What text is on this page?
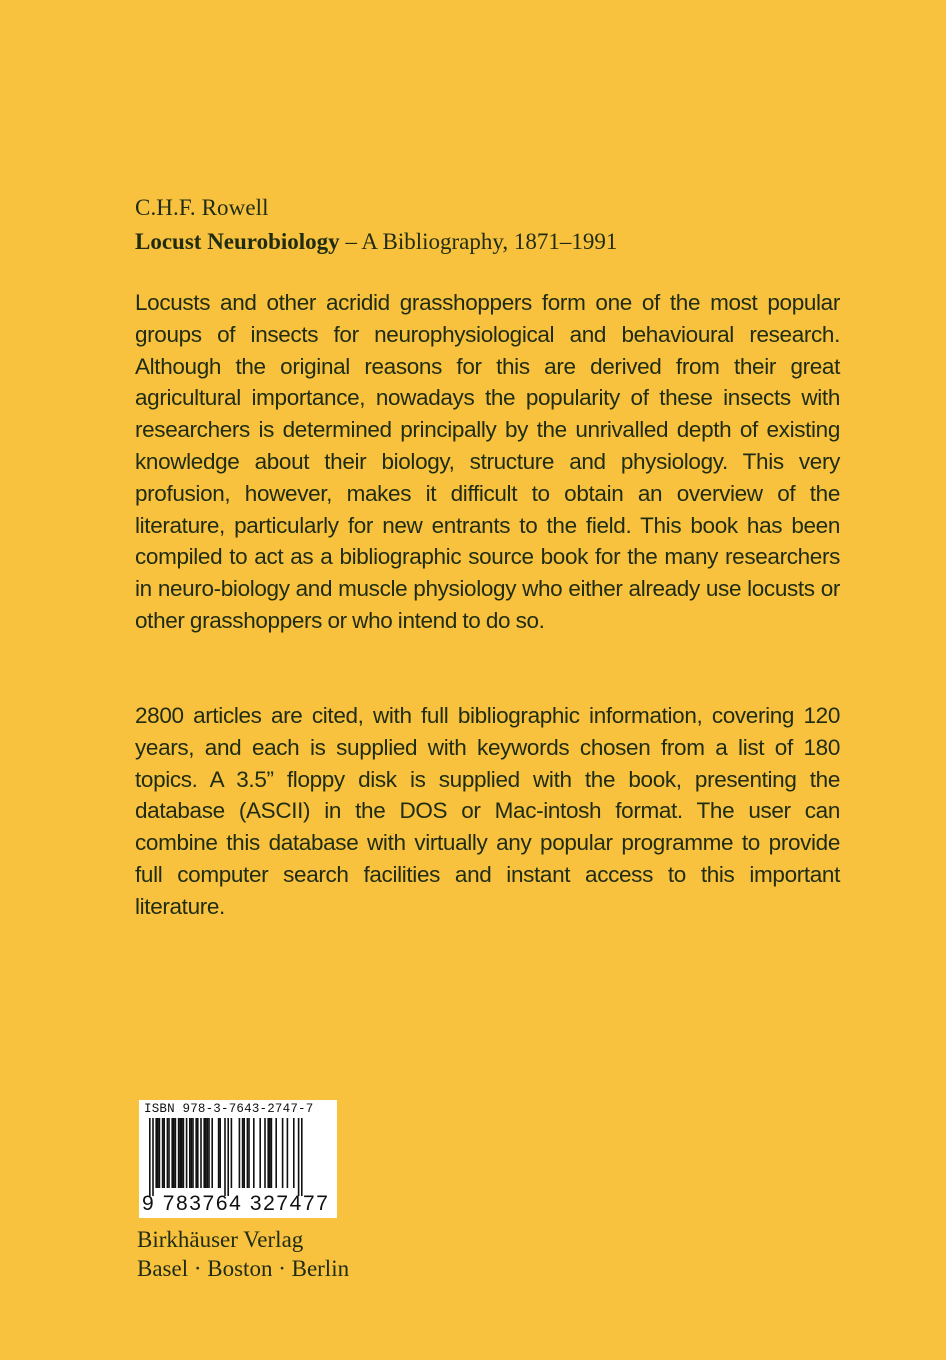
C.H.F. Rowell
Locust Neurobiology – A Bibliography, 1871–1991

Locusts and other acridid grasshoppers form one of the most popular groups of insects for neurophysiological and behavioural research. Although the original reasons for this are derived from their great agricultural importance, nowadays the popularity of these insects with researchers is determined principally by the unrivalled depth of existing knowledge about their biology, structure and physiology. This very profusion, however, makes it difficult to obtain an overview of the literature, particularly for new entrants to the field. This book has been compiled to act as a bibliographic source book for the many researchers in neuro-biology and muscle physiology who either already use locusts or other grasshoppers or who intend to do so.

2800 articles are cited, with full bibliographic information, covering 120 years, and each is supplied with keywords chosen from a list of 180 topics. A 3.5” floppy disk is supplied with the book, presenting the database (ASCII) in the DOS or Mac-intosh format. The user can combine this database with virtually any popular programme to provide full computer search facilities and instant access to this important literature.

ISBN 978-3-7643-2747-7
9 783764 327477
Birkhäuser Verlag
Basel · Boston · Berlin
